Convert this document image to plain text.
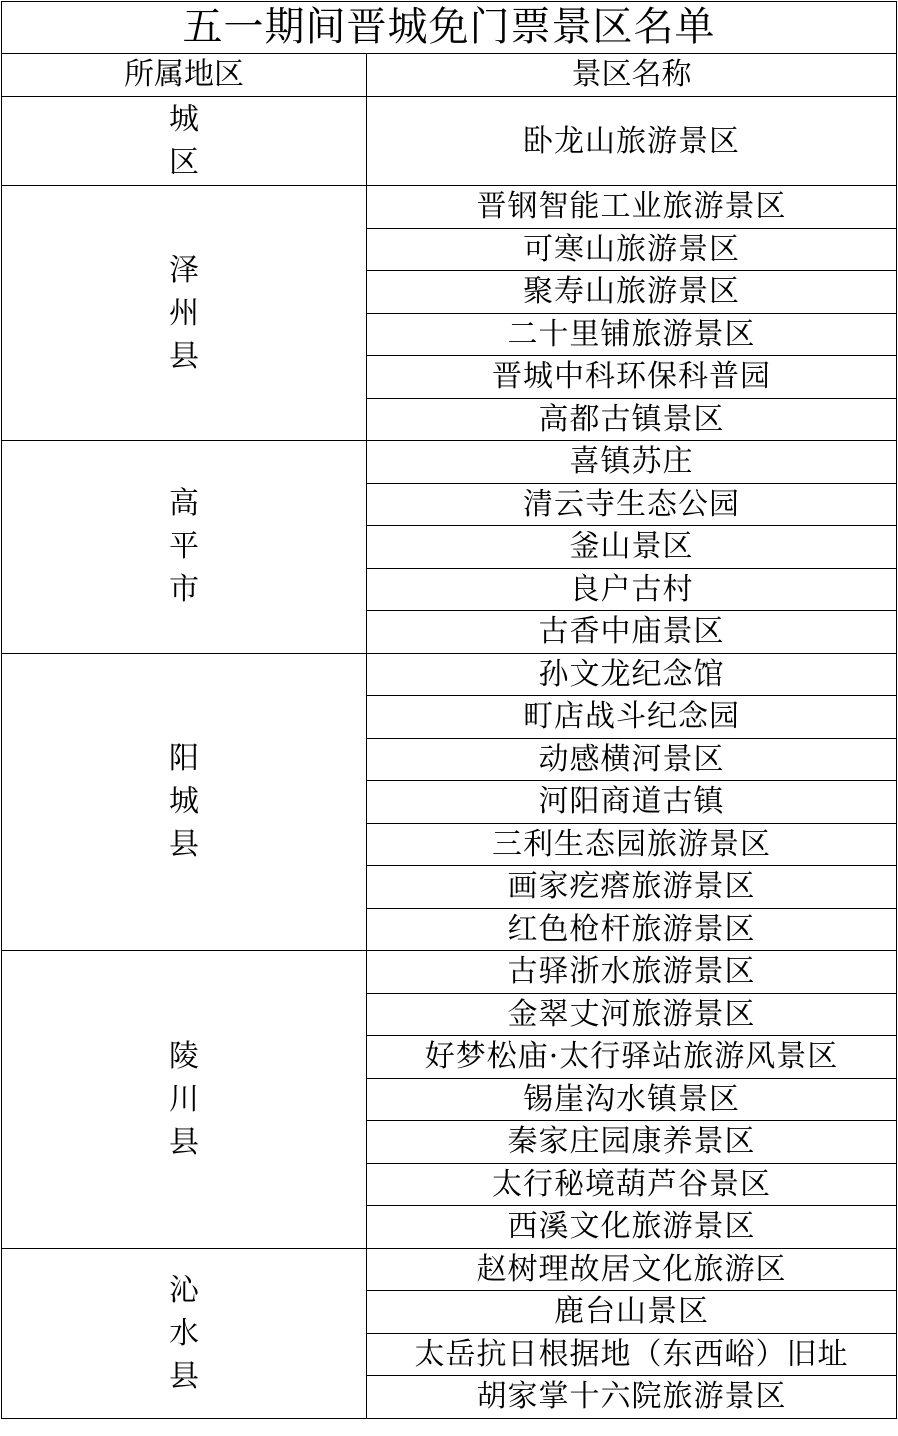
五一期间晋城免门票景区名单	
所属地区	景区名称
城区	卧龙山旅游景区
泽州县	晋钢智能工业旅游景区
	可寒山旅游景区
	聚寿山旅游景区
	二十里铺旅游景区
	晋城中科环保科普园
	高都古镇景区
高平市	喜镇苏庄
	清云寺生态公园
	釜山景区
	良户古村
	古香中庙景区
阳城县	孙文龙纪念馆
	町店战斗纪念园
	动感横河景区
	河阳商道古镇
	三利生态园旅游景区
	画家疙瘩旅游景区
	红色枪杆旅游景区
陵川县	古驿浙水旅游景区
	金翠丈河旅游景区
	好梦松庙·太行驿站旅游风景区
	锡崖沟水镇景区
	秦家庄园康养景区
	太行秘境葫芦谷景区
	西溪文化旅游景区
沁水县	赵树理故居文化旅游区
	鹿台山景区
	太岳抗日根据地（东西峪）旧址
	胡家掌十六院旅游景区
